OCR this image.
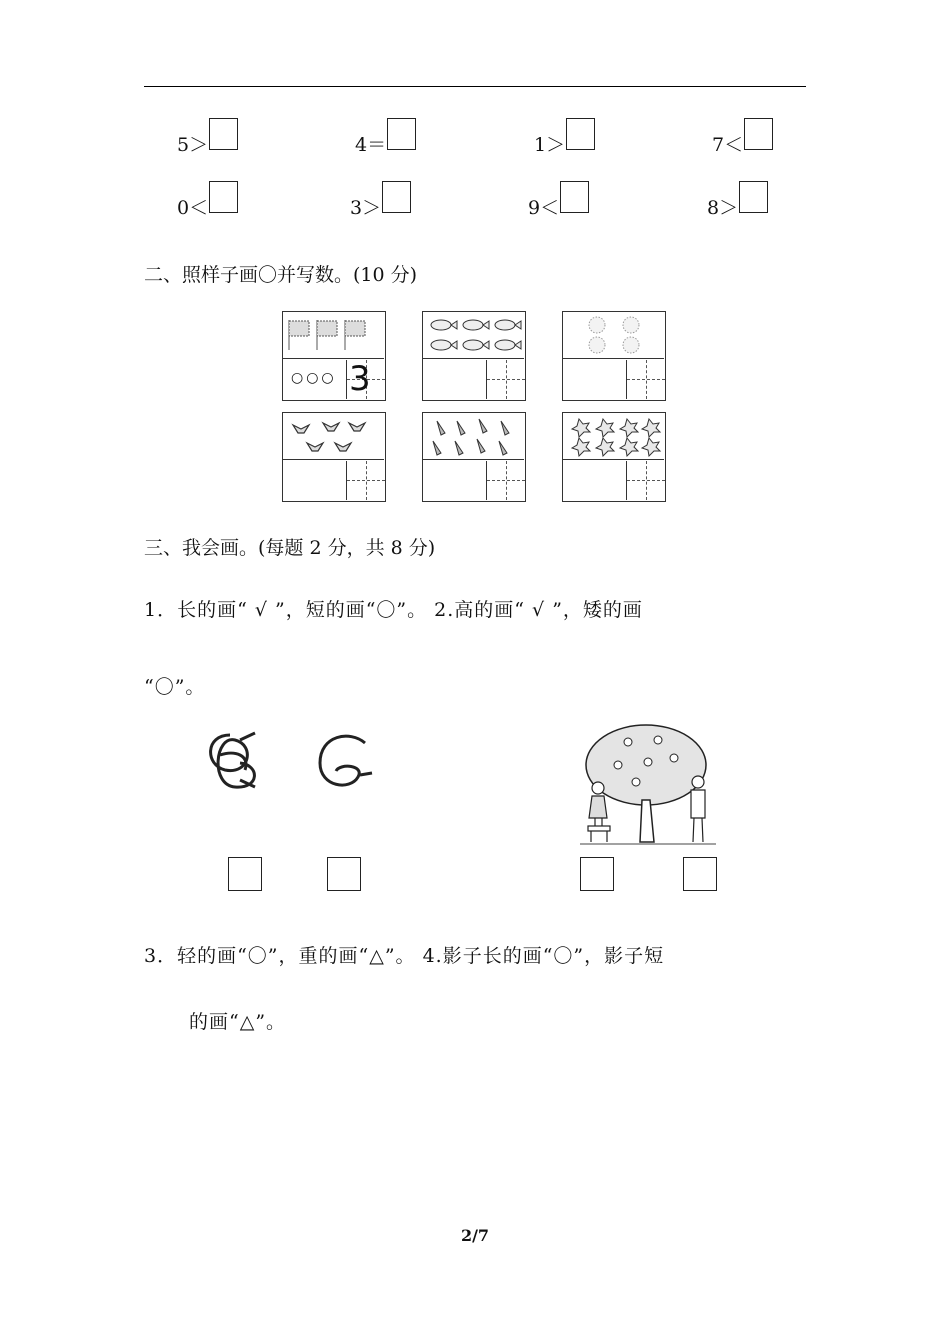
5＞	4＝	1＞	7＜
0＜	3＞	9＜	8＞
二、照样子画〇并写数。(10 分)
○○○ 3
三、我会画。(每题 2 分，共 8 分)
1．长的画“ √ ”，短的画“〇”。 2.高的画“ √ ”，矮的画
“〇”。
3．轻的画“〇”，重的画“△”。 4.影子长的画“〇”，影子短
的画“△”。
2/7
